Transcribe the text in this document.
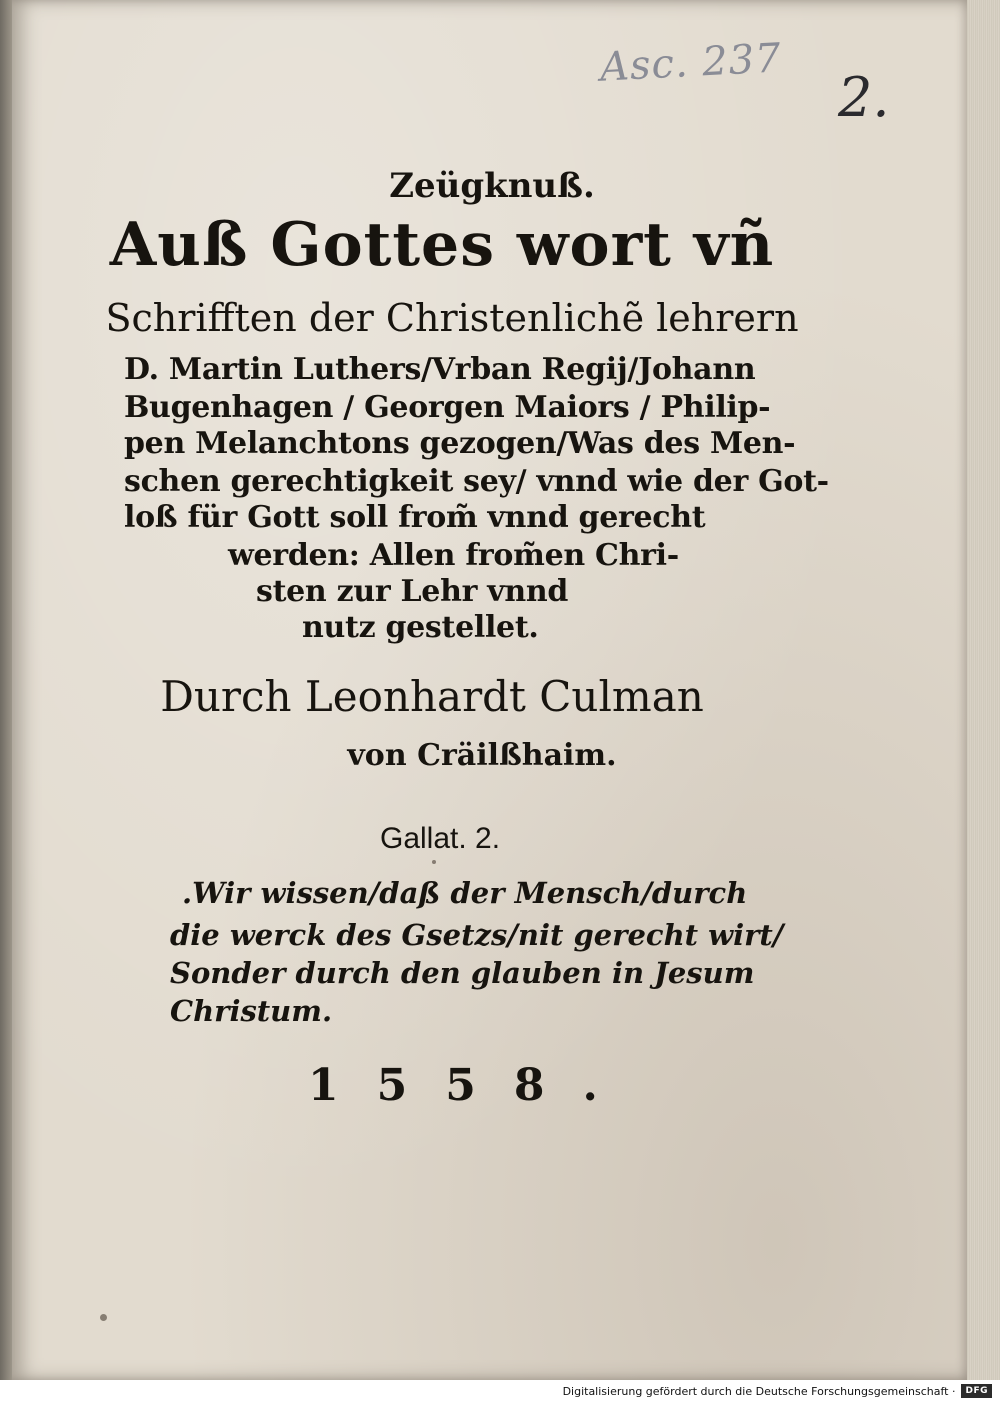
Asc. 237
2.
Zeügknuß.
Auß Gottes wort vñ
Schrifften der Christenlichẽ lehrern
D. Martin Luthers/Vrban Regij/Johann
Bugenhagen / Georgen Maiors / Philip-
pen Melanchtons gezogen/Was des Men-
schen gerechtigkeit sey/ vnnd wie der Got-
loß für Gott soll from̃ vnnd gerecht
werden: Allen from̃en Chri-
sten zur Lehr vnnd
nutz gestellet.
Durch Leonhardt Culman
von Cräilßhaim.
Gallat. 2.
.Wir wissen/daß der Mensch/durch
die werck des Gsetzs/nit gerecht wirt/
Sonder durch den glauben in Jesum
Christum.
1558.
Digitalisierung gefördert durch die Deutsche Forschungsgemeinschaft ·	DFG
